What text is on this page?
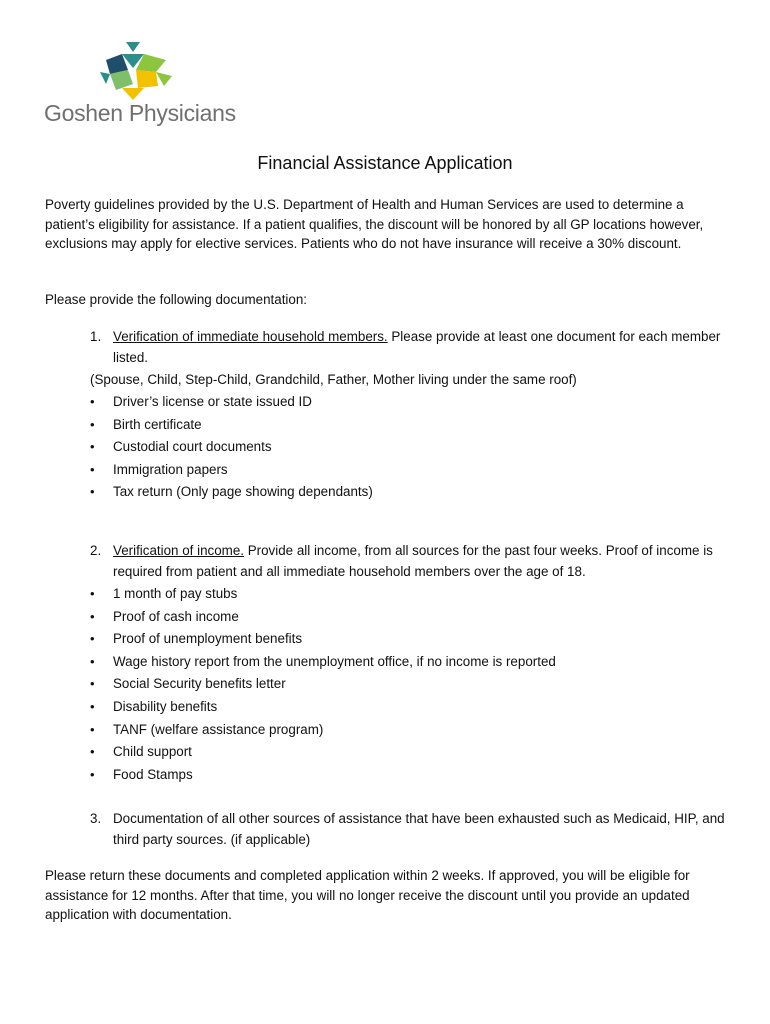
Goshen Physicians
Financial Assistance Application

Poverty guidelines provided by the U.S. Department of Health and Human Services are used to determine a patient’s eligibility for assistance. If a patient qualifies, the discount will be honored by all GP locations however, exclusions may apply for elective services. Patients who do not have insurance will receive a 30% discount.

Please provide the following documentation:

1. Verification of immediate household members. Please provide at least one document for each member listed.
(Spouse, Child, Step-Child, Grandchild, Father, Mother living under the same roof)
• Driver’s license or state issued ID
• Birth certificate
• Custodial court documents
• Immigration papers
• Tax return (Only page showing dependants)
2. Verification of income. Provide all income, from all sources for the past four weeks. Proof of income is required from patient and all immediate household members over the age of 18.
• 1 month of pay stubs
• Proof of cash income
• Proof of unemployment benefits
• Wage history report from the unemployment office, if no income is reported
• Social Security benefits letter
• Disability benefits
• TANF (welfare assistance program)
• Child support
• Food Stamps
3. Documentation of all other sources of assistance that have been exhausted such as Medicaid, HIP, and third party sources. (if applicable)

Please return these documents and completed application within 2 weeks. If approved, you will be eligible for assistance for 12 months. After that time, you will no longer receive the discount until you provide an updated application with documentation.
